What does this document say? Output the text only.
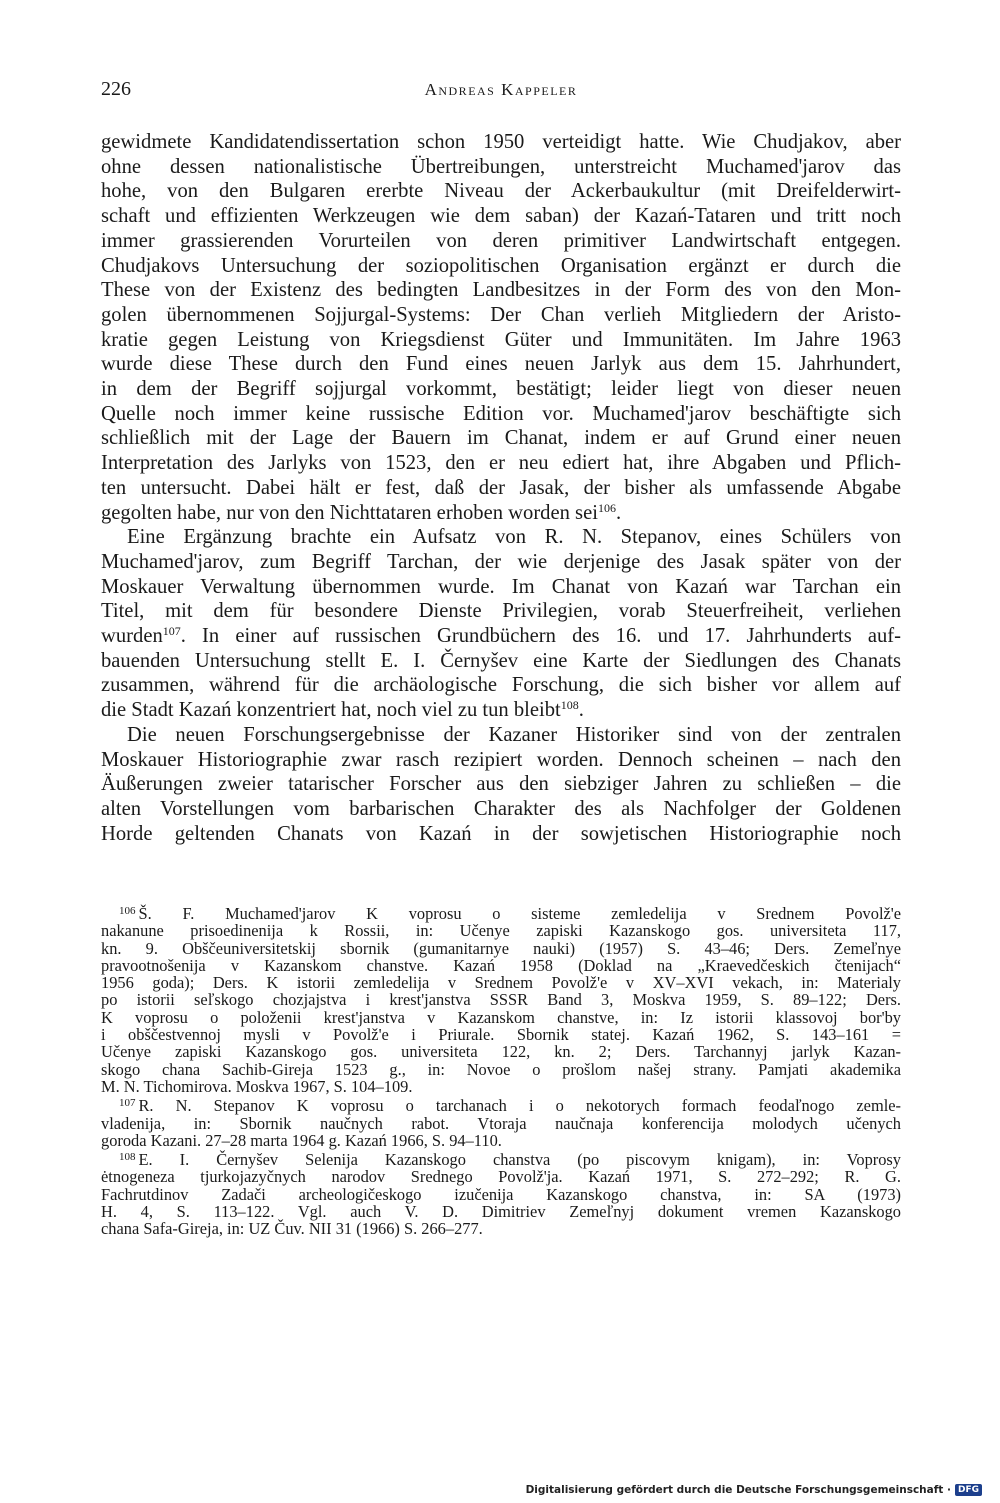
226	Andreas Kappeler

gewidmete Kandidatendissertation schon 1950 verteidigt hatte. Wie Chudjakov, aber
ohne dessen nationalistische Übertreibungen, unterstreicht Muchamed'jarov das
hohe, von den Bulgaren ererbte Niveau der Ackerbaukultur (mit Dreifelderwirt-
schaft und effizienten Werkzeugen wie dem saban) der Kazań-Tataren und tritt noch
immer grassierenden Vorurteilen von deren primitiver Landwirtschaft entgegen.
Chudjakovs Untersuchung der soziopolitischen Organisation ergänzt er durch die
These von der Existenz des bedingten Landbesitzes in der Form des von den Mon-
golen übernommenen Sojjurgal-Systems: Der Chan verlieh Mitgliedern der Aristo-
kratie gegen Leistung von Kriegsdienst Güter und Immunitäten. Im Jahre 1963
wurde diese These durch den Fund eines neuen Jarlyk aus dem 15. Jahrhundert,
in dem der Begriff sojjurgal vorkommt, bestätigt; leider liegt von dieser neuen
Quelle noch immer keine russische Edition vor. Muchamed'jarov beschäftigte sich
schließlich mit der Lage der Bauern im Chanat, indem er auf Grund einer neuen
Interpretation des Jarlyks von 1523, den er neu ediert hat, ihre Abgaben und Pflich-
ten untersucht. Dabei hält er fest, daß der Jasak, der bisher als umfassende Abgabe
gegolten habe, nur von den Nichttataren erhoben worden sei$^{106}$.

Eine Ergänzung brachte ein Aufsatz von R. N. Stepanov, eines Schülers von
Muchamed'jarov, zum Begriff Tarchan, der wie derjenige des Jasak später von der
Moskauer Verwaltung übernommen wurde. Im Chanat von Kazań war Tarchan ein
Titel, mit dem für besondere Dienste Privilegien, vorab Steuerfreiheit, verliehen
wurden$^{107}$. In einer auf russischen Grundbüchern des 16. und 17. Jahrhunderts auf-
bauenden Untersuchung stellt E. I. Černyšev eine Karte der Siedlungen des Chanats
zusammen, während für die archäologische Forschung, die sich bisher vor allem auf
die Stadt Kazań konzentriert hat, noch viel zu tun bleibt$^{108}$.

Die neuen Forschungsergebnisse der Kazaner Historiker sind von der zentralen
Moskauer Historiographie zwar rasch rezipiert worden. Dennoch scheinen – nach den
Äußerungen zweier tatarischer Forscher aus den siebziger Jahren zu schließen – die
alten Vorstellungen vom barbarischen Charakter des als Nachfolger der Goldenen
Horde geltenden Chanats von Kazań in der sowjetischen Historiographie noch

$^{106}$ Š. F. Muchamed'jarov K voprosu o sisteme zemledelija v Srednem Povolž'e
nakanune prisoedinenija k Rossii, in: Učenye zapiski Kazanskogo gos. universiteta 117,
kn. 9. Obščeuniversitetskij sbornik (gumanitarnye nauki) (1957) S. 43–46; Ders. Zemeľnye
pravootnošenija v Kazanskom chanstve. Kazań 1958 (Doklad na „Kraevedčeskich čtenijach“
1956 goda); Ders. K istorii zemledelija v Srednem Povolž'e v XV–XVI vekach, in: Materialy
po istorii seľskogo chozjajstva i krest'janstva SSSR Band 3, Moskva 1959, S. 89–122; Ders.
K voprosu o položenii krest'janstva v Kazanskom chanstve, in: Iz istorii klassovoj bor'by
i obščestvennoj mysli v Povolž'e i Priurale. Sbornik statej. Kazań 1962, S. 143–161 =
Učenye zapiski Kazanskogo gos. universiteta 122, kn. 2; Ders. Tarchannyj jarlyk Kazan-
skogo chana Sachib-Gireja 1523 g., in: Novoe o prošlom našej strany. Pamjati akademika
M. N. Tichomirova. Moskva 1967, S. 104–109.

$^{107}$ R. N. Stepanov K voprosu o tarchanach i o nekotorych formach feodaľnogo zemle-
vladenija, in: Sbornik naučnych rabot. Vtoraja naučnaja konferencija molodych učenych
goroda Kazani. 27–28 marta 1964 g. Kazań 1966, S. 94–110.

$^{108}$ E. I. Černyšev Selenija Kazanskogo chanstva (po piscovym knigam), in: Voprosy
ėtnogeneza tjurkojazyčnych narodov Srednego Povolž'ja. Kazań 1971, S. 272–292; R. G.
Fachrutdinov Zadači archeologičeskogo izučenija Kazanskogo chanstva, in: SA (1973)
H. 4, S. 113–122. Vgl. auch V. D. Dimitriev Zemeľnyj dokument vremen Kazanskogo
chana Safa-Gireja, in: UZ Čuv. NII 31 (1966) S. 266–277.

Digitalisierung gefördert durch die Deutsche Forschungsgemeinschaft · DFG
